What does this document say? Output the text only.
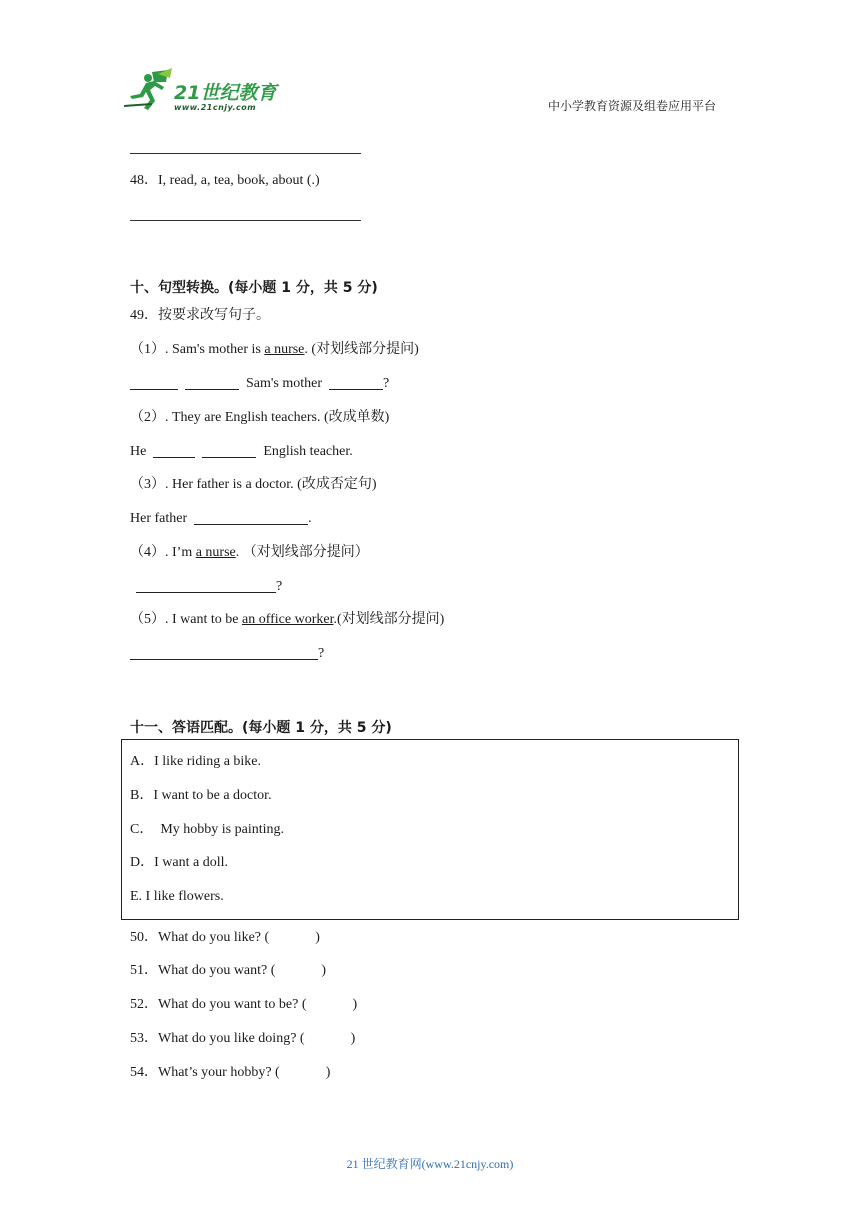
21世纪教育
www.21cnjy.com	中小学教育资源及组卷应用平台
48．I, read, a, tea, book, about (.)
十、句型转换。(每小题 1 分，共 5 分)
49．按要求改写句子。
（1）. Sam's mother is a nurse. (对划线部分提问)
Sam's mother	?
（2）. They are English teachers. (改成单数)
He	English teacher.
（3）. Her father is a doctor. (改成否定句)
Her father	.
（4）. I’m a nurse. （对划线部分提问）
?
（5）. I want to be an office worker.(对划线部分提问)
?
十一、答语匹配。(每小题 1 分，共 5 分)
A．I like riding a bike.
B．I want to be a doctor.
C．  My hobby is painting.
D．I want a doll.
E. I like flowers.
50．What do you like? (	)
51．What do you want? (	)
52．What do you want to be? (	)
53．What do you like doing? (	)
54．What’s your hobby? (	)
21 世纪教育网(www.21cnjy.com)
